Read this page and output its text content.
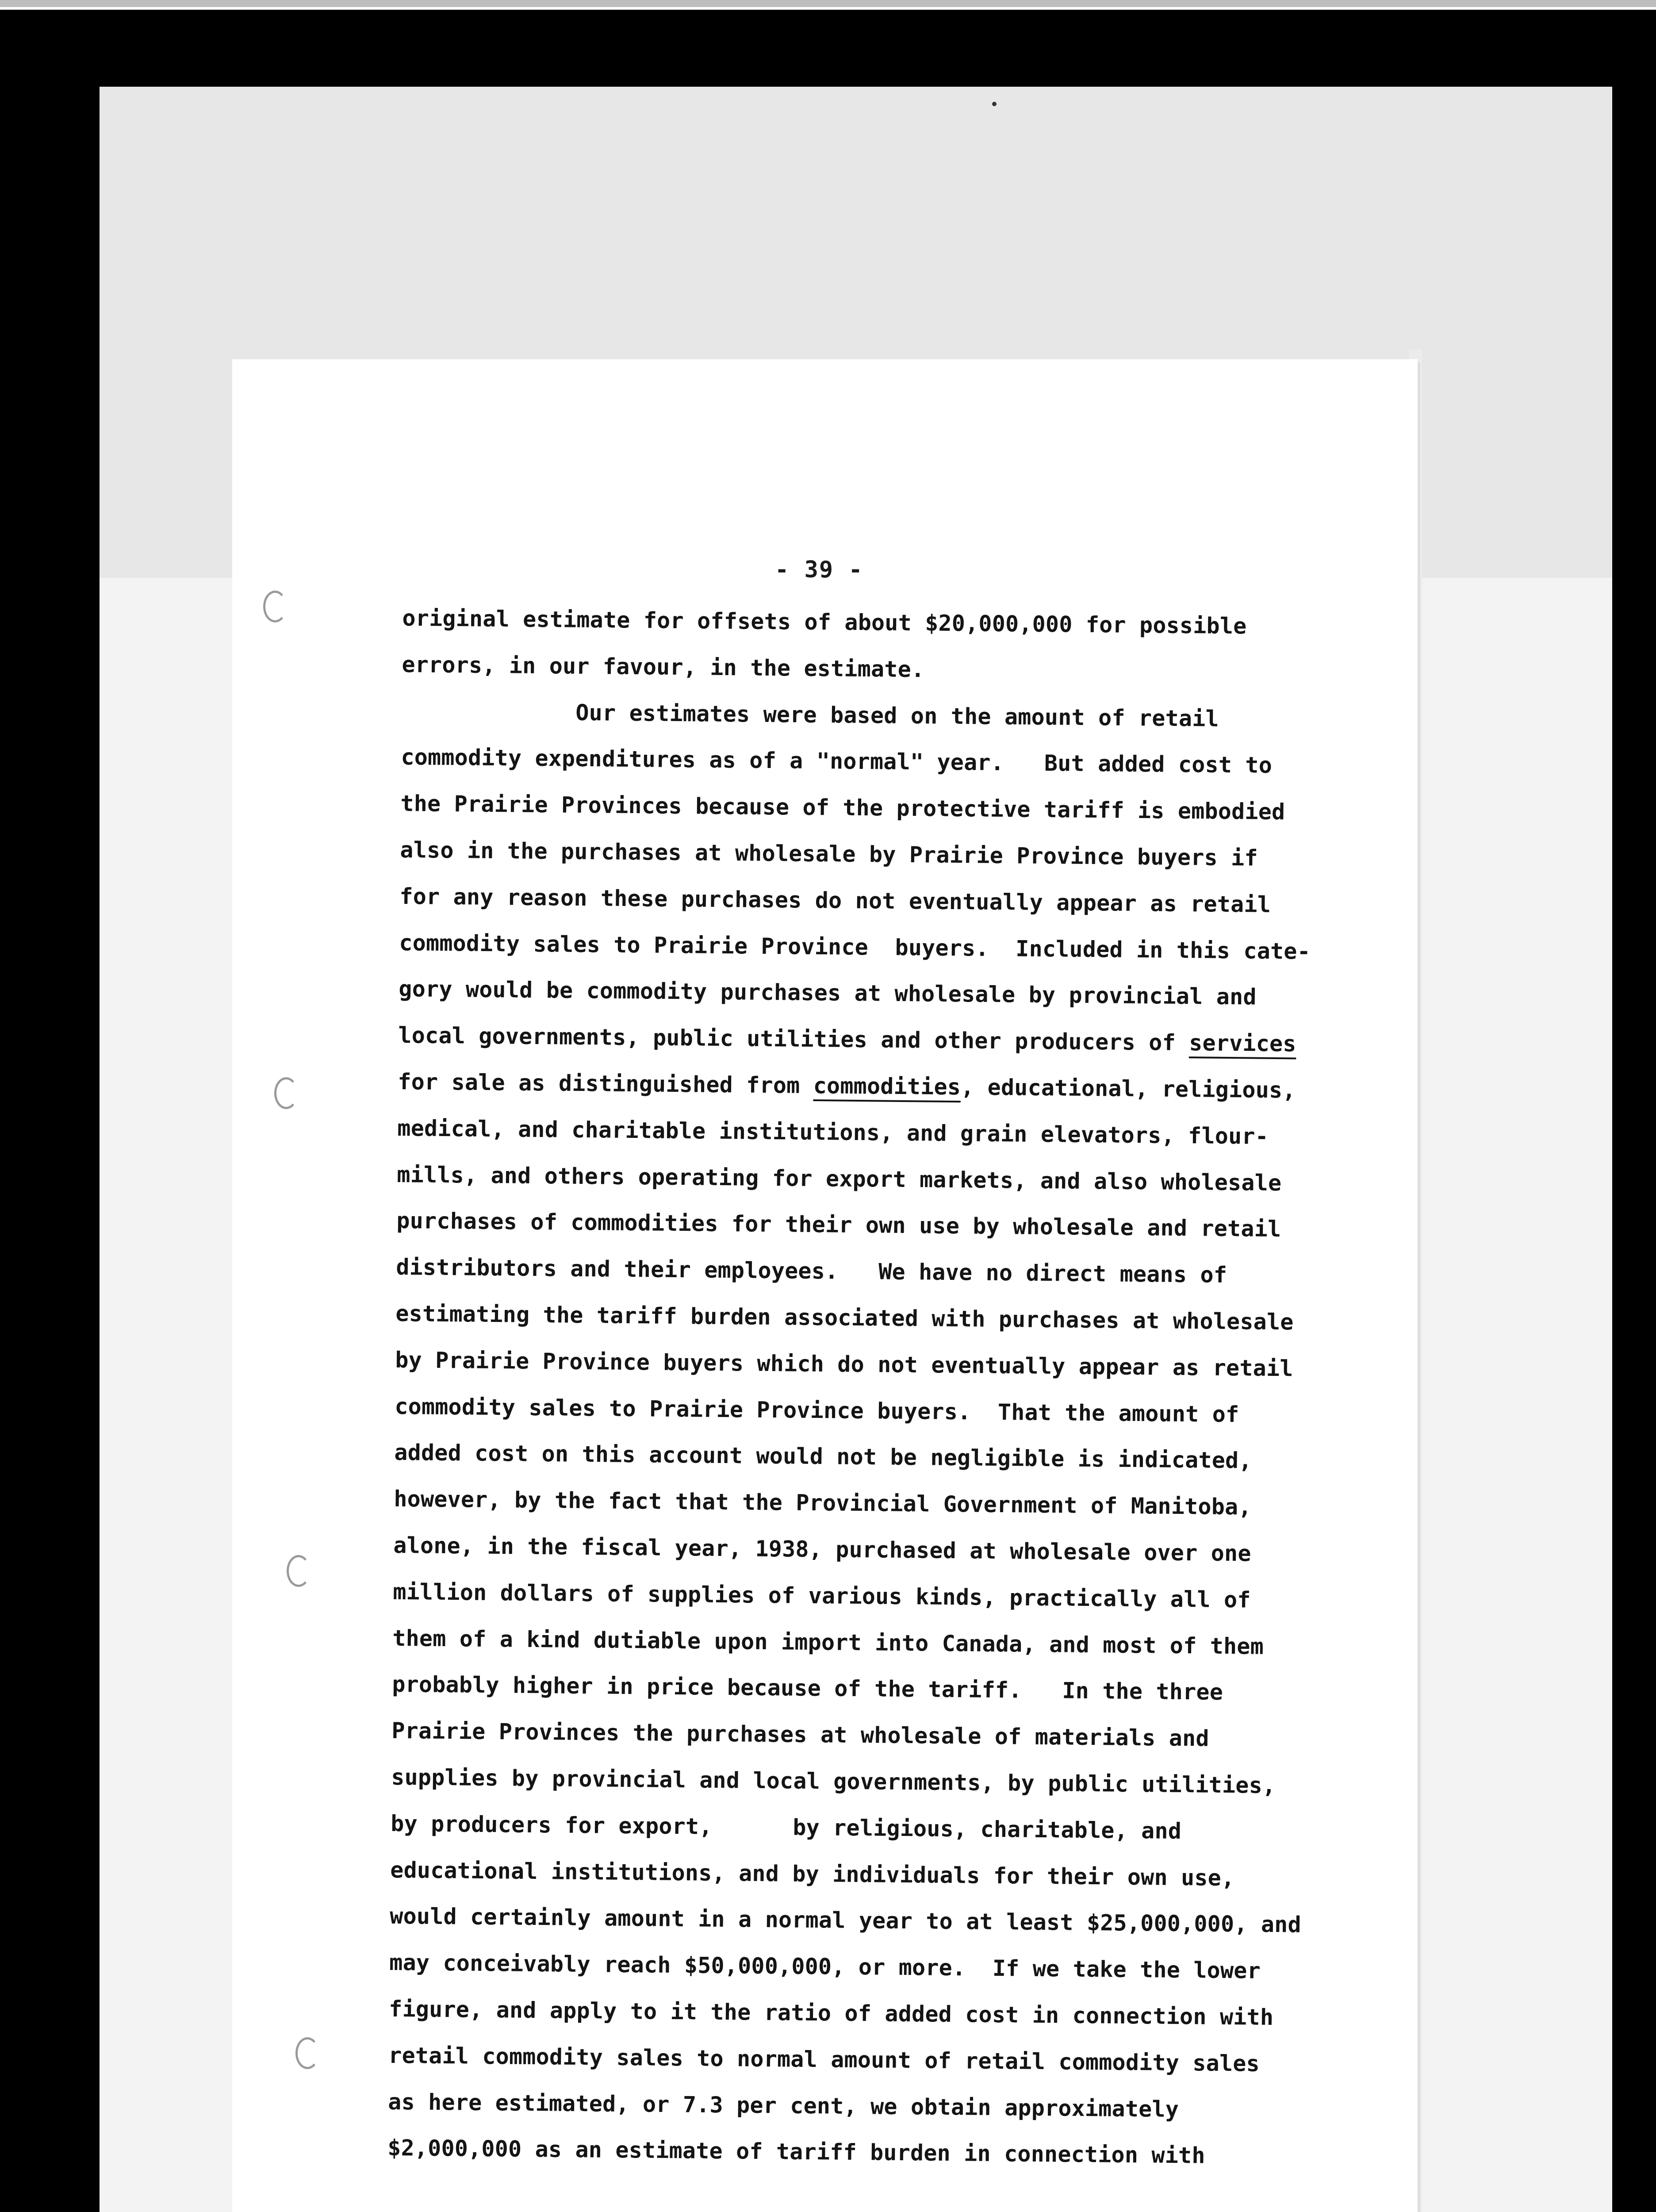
- 39 -
original estimate for offsets of about $20,000,000 for possible
errors, in our favour, in the estimate.
Our estimates were based on the amount of retail
commodity expenditures as of a "normal" year.   But added cost to
the Prairie Provinces because of the protective tariff is embodied
also in the purchases at wholesale by Prairie Province buyers if
for any reason these purchases do not eventually appear as retail
commodity sales to Prairie Province  buyers.  Included in this cate-
gory would be commodity purchases at wholesale by provincial and
local governments, public utilities and other producers of services
for sale as distinguished from commodities, educational, religious,
medical, and charitable institutions, and grain elevators, flour-
mills, and others operating for export markets, and also wholesale
purchases of commodities for their own use by wholesale and retail
distributors and their employees.   We have no direct means of
estimating the tariff burden associated with purchases at wholesale
by Prairie Province buyers which do not eventually appear as retail
commodity sales to Prairie Province buyers.  That the amount of
added cost on this account would not be negligible is indicated,
however, by the fact that the Provincial Government of Manitoba,
alone, in the fiscal year, 1938, purchased at wholesale over one
million dollars of supplies of various kinds, practically all of
them of a kind dutiable upon import into Canada, and most of them
probably higher in price because of the tariff.   In the three
Prairie Provinces the purchases at wholesale of materials and
supplies by provincial and local governments, by public utilities,
by producers for export,      by religious, charitable, and
educational institutions, and by individuals for their own use,
would certainly amount in a normal year to at least $25,000,000, and
may conceivably reach $50,000,000, or more.  If we take the lower
figure, and apply to it the ratio of added cost in connection with
retail commodity sales to normal amount of retail commodity sales
as here estimated, or 7.3 per cent, we obtain approximately
$2,000,000 as an estimate of tariff burden in connection with
